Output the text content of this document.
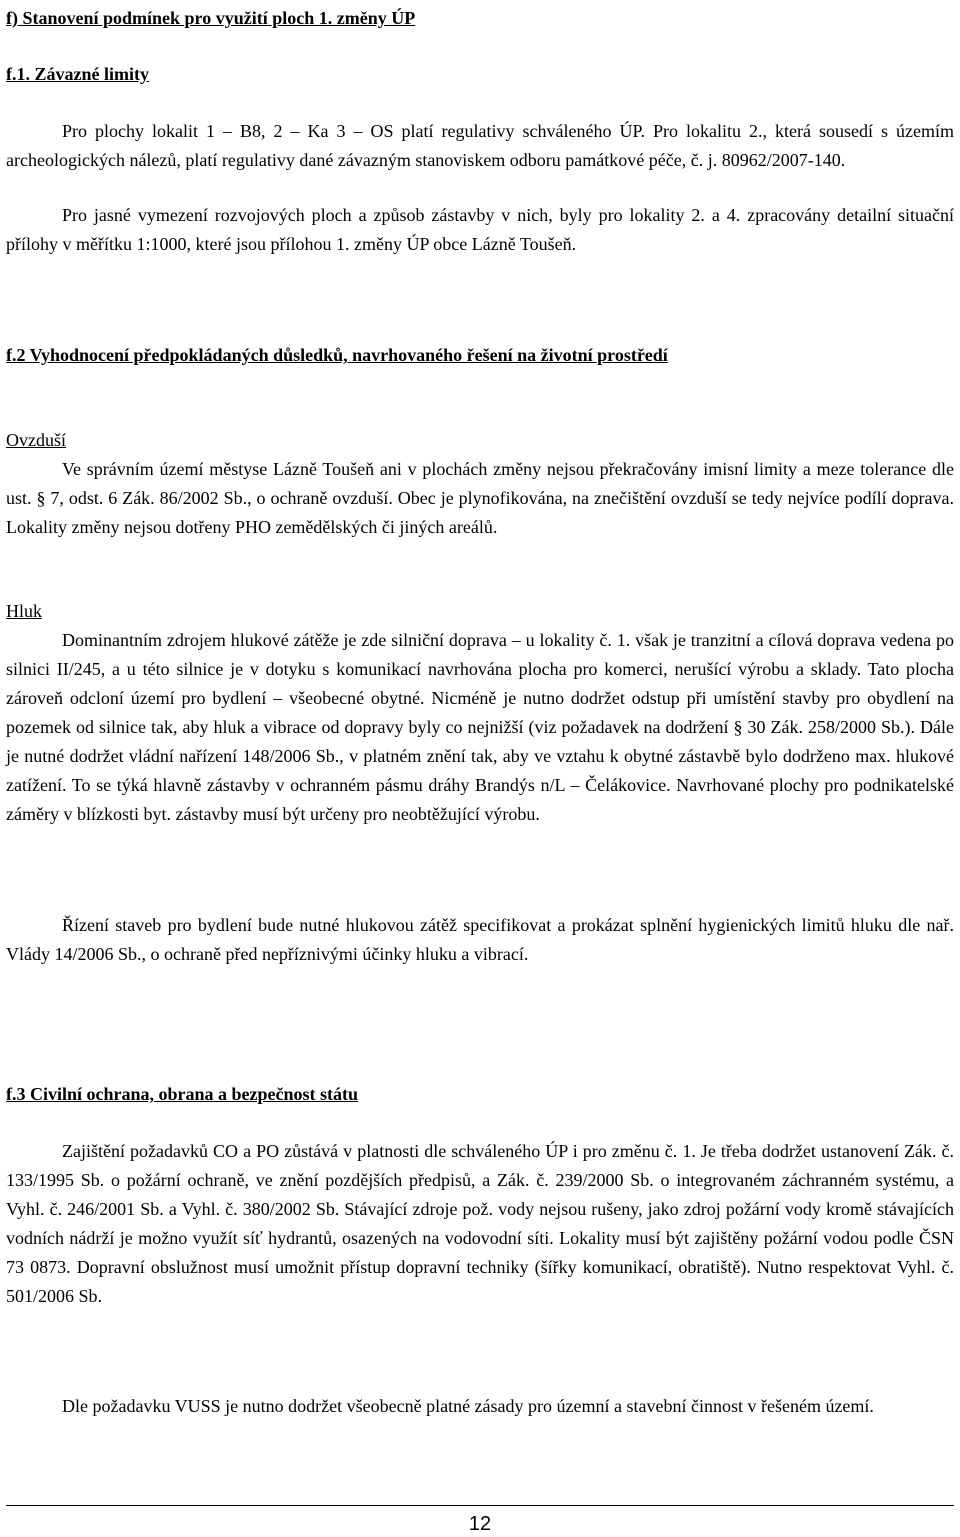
f) Stanovení podmínek pro využití ploch 1. změny ÚP

f.1. Závazné limity

Pro plochy lokalit 1 – B8, 2 – Ka 3 – OS platí regulativy schváleného ÚP. Pro lokalitu 2., která sousedí s územím archeologických nálezů, platí regulativy dané závazným stanoviskem odboru památkové péče, č. j. 80962/2007-140.

Pro jasné vymezení rozvojových ploch a způsob zástavby v nich, byly pro lokality 2. a 4. zpracovány detailní situační přílohy v měřítku 1:1000, které jsou přílohou 1. změny ÚP obce Lázně Toušeň.

f.2 Vyhodnocení předpokládaných důsledků, navrhovaného řešení na životní prostředí

Ovzduší

Ve správním území městyse Lázně Toušeň ani v plochách změny nejsou překračovány imisní limity a meze tolerance dle ust. § 7, odst. 6 Zák. 86/2002 Sb., o ochraně ovzduší. Obec je plynofikována, na znečištění ovzduší se tedy nejvíce podílí doprava. Lokality změny nejsou dotřeny PHO zemědělských či jiných areálů.

Hluk

Dominantním zdrojem hlukové zátěže je zde silniční doprava – u lokality č. 1. však je tranzitní a cílová doprava vedena po silnici II/245, a u této silnice je v dotyku s komunikací navrhována plocha pro komerci, nerušící výrobu a sklady. Tato plocha zároveň odcloní území pro bydlení – všeobecné obytné. Nicméně je nutno dodržet odstup při umístění stavby pro obydlení na pozemek od silnice tak, aby hluk a vibrace od dopravy byly co nejnižší (viz požadavek na dodržení § 30 Zák. 258/2000 Sb.). Dále je nutné dodržet vládní nařízení 148/2006 Sb., v platném znění tak, aby ve vztahu k obytné zástavbě bylo dodrženo max. hlukové zatížení. To se týká hlavně zástavby v ochranném pásmu dráhy Brandýs n/L – Čelákovice. Navrhované plochy pro podnikatelské záměry v blízkosti byt. zástavby musí být určeny pro neobtěžující výrobu.

Řízení staveb pro bydlení bude nutné hlukovou zátěž specifikovat a prokázat splnění hygienických limitů hluku dle nař. Vlády 14/2006 Sb., o ochraně před nepříznivými účinky hluku a vibrací.

f.3 Civilní ochrana, obrana a bezpečnost státu

Zajištění požadavků CO a PO zůstává v platnosti dle schváleného ÚP i pro změnu č. 1. Je třeba dodržet ustanovení Zák. č. 133/1995 Sb. o požární ochraně, ve znění pozdějších předpisů, a Zák. č. 239/2000 Sb. o integrovaném záchranném systému, a Vyhl. č. 246/2001 Sb. a Vyhl. č. 380/2002 Sb. Stávající zdroje pož. vody nejsou rušeny, jako zdroj požární vody kromě stávajících vodních nádrží je možno využít síť hydrantů, osazených na vodovodní síti. Lokality musí být zajištěny požární vodou podle ČSN 73 0873. Dopravní obslužnost musí umožnit přístup dopravní techniky (šířky komunikací, obratiště). Nutno respektovat Vyhl. č. 501/2006 Sb.

Dle požadavku VUSS je nutno dodržet všeobecně platné zásady pro územní a stavební činnost v řešeném území.

12
